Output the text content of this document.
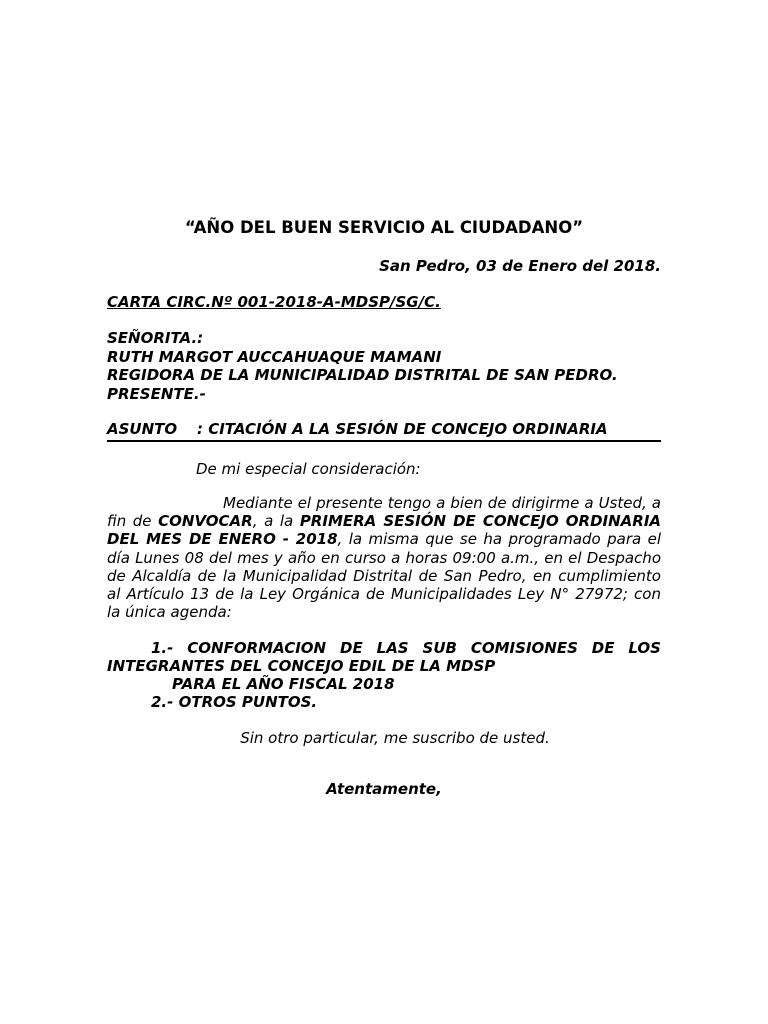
“AÑO DEL BUEN SERVICIO AL CIUDADANO”
San Pedro, 03 de Enero del 2018.
CARTA CIRC.Nº 001-2018-A-MDSP/SG/C.
SEÑORITA.:
RUTH MARGOT AUCCAHUAQUE MAMANI
REGIDORA DE LA MUNICIPALIDAD DISTRITAL DE SAN PEDRO.
PRESENTE.-
ASUNTO : CITACIÓN A LA SESIÓN DE CONCEJO ORDINARIA
De mi especial consideración:
Mediante el presente tengo a bien de dirigirme a Usted, a fin de CONVOCAR, a la PRIMERA SESIÓN DE CONCEJO ORDINARIA DEL MES DE ENERO - 2018, la misma que se ha programado para el día Lunes 08 del mes y año en curso a horas 09:00 a.m., en el Despacho de Alcaldía de la Municipalidad Distrital de San Pedro, en cumplimiento al Artículo 13 de la Ley Orgánica de Municipalidades Ley N° 27972; con la única agenda:
1.- CONFORMACION DE LAS SUB COMISIONES DE LOS INTEGRANTES DEL CONCEJO EDIL DE LA MDSP
PARA EL AÑO FISCAL 2018
2.- OTROS PUNTOS.
Sin otro particular, me suscribo de usted.
Atentamente,
